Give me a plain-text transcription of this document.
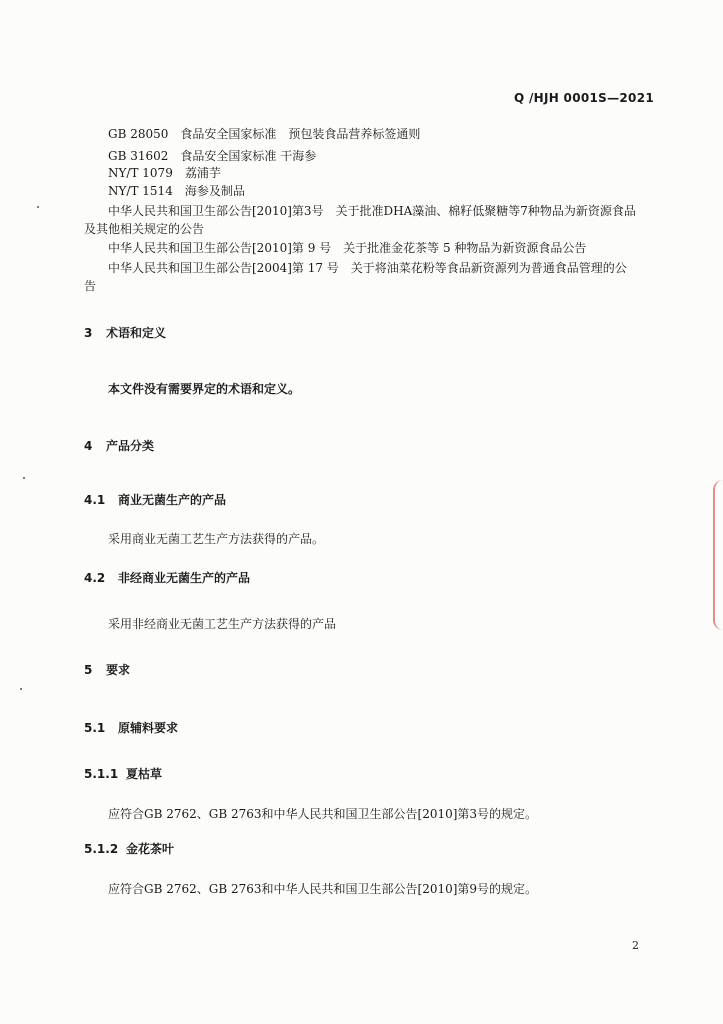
Q /HJH 0001S—2021
GB 28050　食品安全国家标准　预包装食品营养标签通则
GB 31602　食品安全国家标准 干海参
NY/T 1079　荔浦芋
NY/T 1514　海参及制品
中华人民共和国卫生部公告[2010]第3号　关于批准DHA藻油、棉籽低聚糖等7种物品为新资源食品
及其他相关规定的公告
中华人民共和国卫生部公告[2010]第 9 号　关于批准金花茶等 5 种物品为新资源食品公告
中华人民共和国卫生部公告[2004]第 17 号　关于将油菜花粉等食品新资源列为普通食品管理的公
告
3 术语和定义
本文件没有需要界定的术语和定义。
4 产品分类
4.1 商业无菌生产的产品
采用商业无菌工艺生产方法获得的产品。
4.2 非经商业无菌生产的产品
采用非经商业无菌工艺生产方法获得的产品
5 要求
5.1 原辅料要求
5.1.1 夏枯草
应符合GB 2762、GB 2763和中华人民共和国卫生部公告[2010]第3号的规定。
5.1.2 金花茶叶
应符合GB 2762、GB 2763和中华人民共和国卫生部公告[2010]第9号的规定。
2
